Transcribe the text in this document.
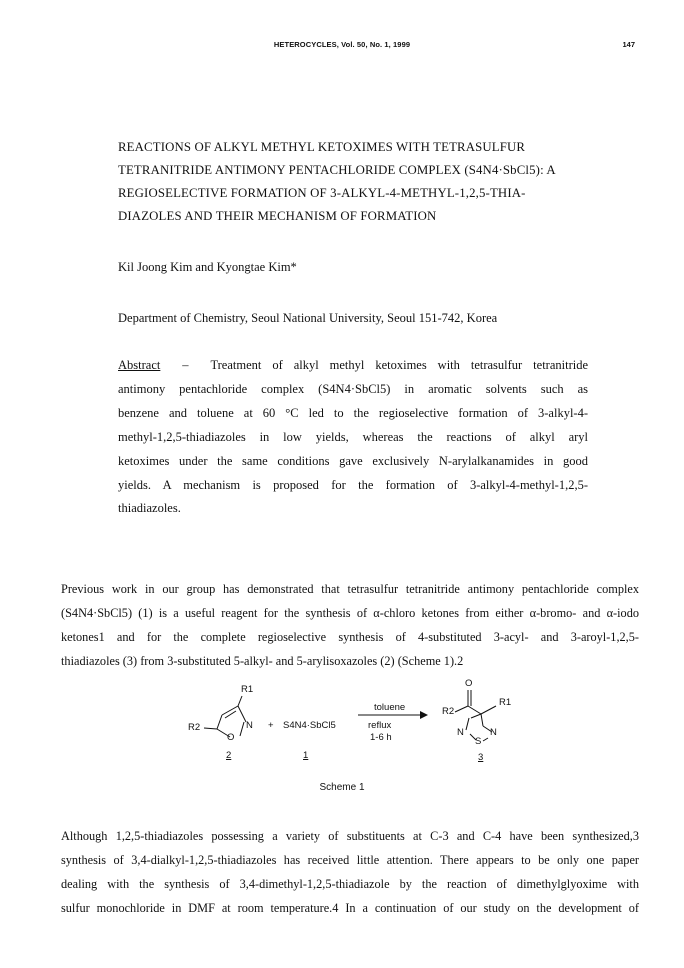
HETEROCYCLES, Vol. 50, No. 1, 1999	147
REACTIONS OF ALKYL METHYL KETOXIMES WITH TETRASULFUR
TETRANITRIDE ANTIMONY PENTACHLORIDE COMPLEX (S4N4·SbCl5): A
REGIOSELECTIVE FORMATION OF 3-ALKYL-4-METHYL-1,2,5-THIA-
DIAZOLES AND THEIR MECHANISM OF FORMATION
Kil Joong Kim and Kyongtae Kim*
Department of Chemistry, Seoul National University, Seoul 151-742, Korea
Abstract – Treatment of alkyl methyl ketoximes with tetrasulfur tetranitride
antimony pentachloride complex (S4N4·SbCl5) in aromatic solvents such as
benzene and toluene at 60 °C led to the regioselective formation of 3-alkyl-4-
methyl-1,2,5-thiadiazoles in low yields, whereas the reactions of alkyl aryl
ketoximes under the same conditions gave exclusively N-arylalkanamides in good
yields. A mechanism is proposed for the formation of 3-alkyl-4-methyl-1,2,5-
thiadiazoles.
Previous work in our group has demonstrated that tetrasulfur tetranitride antimony pentachloride complex
(S4N4·SbCl5) (1) is a useful reagent for the synthesis of α-chloro ketones from either α-bromo- and α-iodo
ketones1 and for the complete regioselective synthesis of 4-substituted 3-acyl- and 3-aroyl-1,2,5-
thiadiazoles (3) from 3-substituted 5-alkyl- and 5-arylisoxazoles (2) (Scheme 1).2
R1
R2
O
N + S4N4·SbCl5
toluene
reflux
1-6 h
O
R1
R2
N
S
N
2	1	3
Scheme 1
Although 1,2,5-thiadiazoles possessing a variety of substituents at C-3 and C-4 have been synthesized,3
synthesis of 3,4-dialkyl-1,2,5-thiadiazoles has received little attention. There appears to be only one paper
dealing with the synthesis of 3,4-dimethyl-1,2,5-thiadiazole by the reaction of dimethylglyoxime with
sulfur monochloride in DMF at room temperature.4 In a continuation of our study on the development of
